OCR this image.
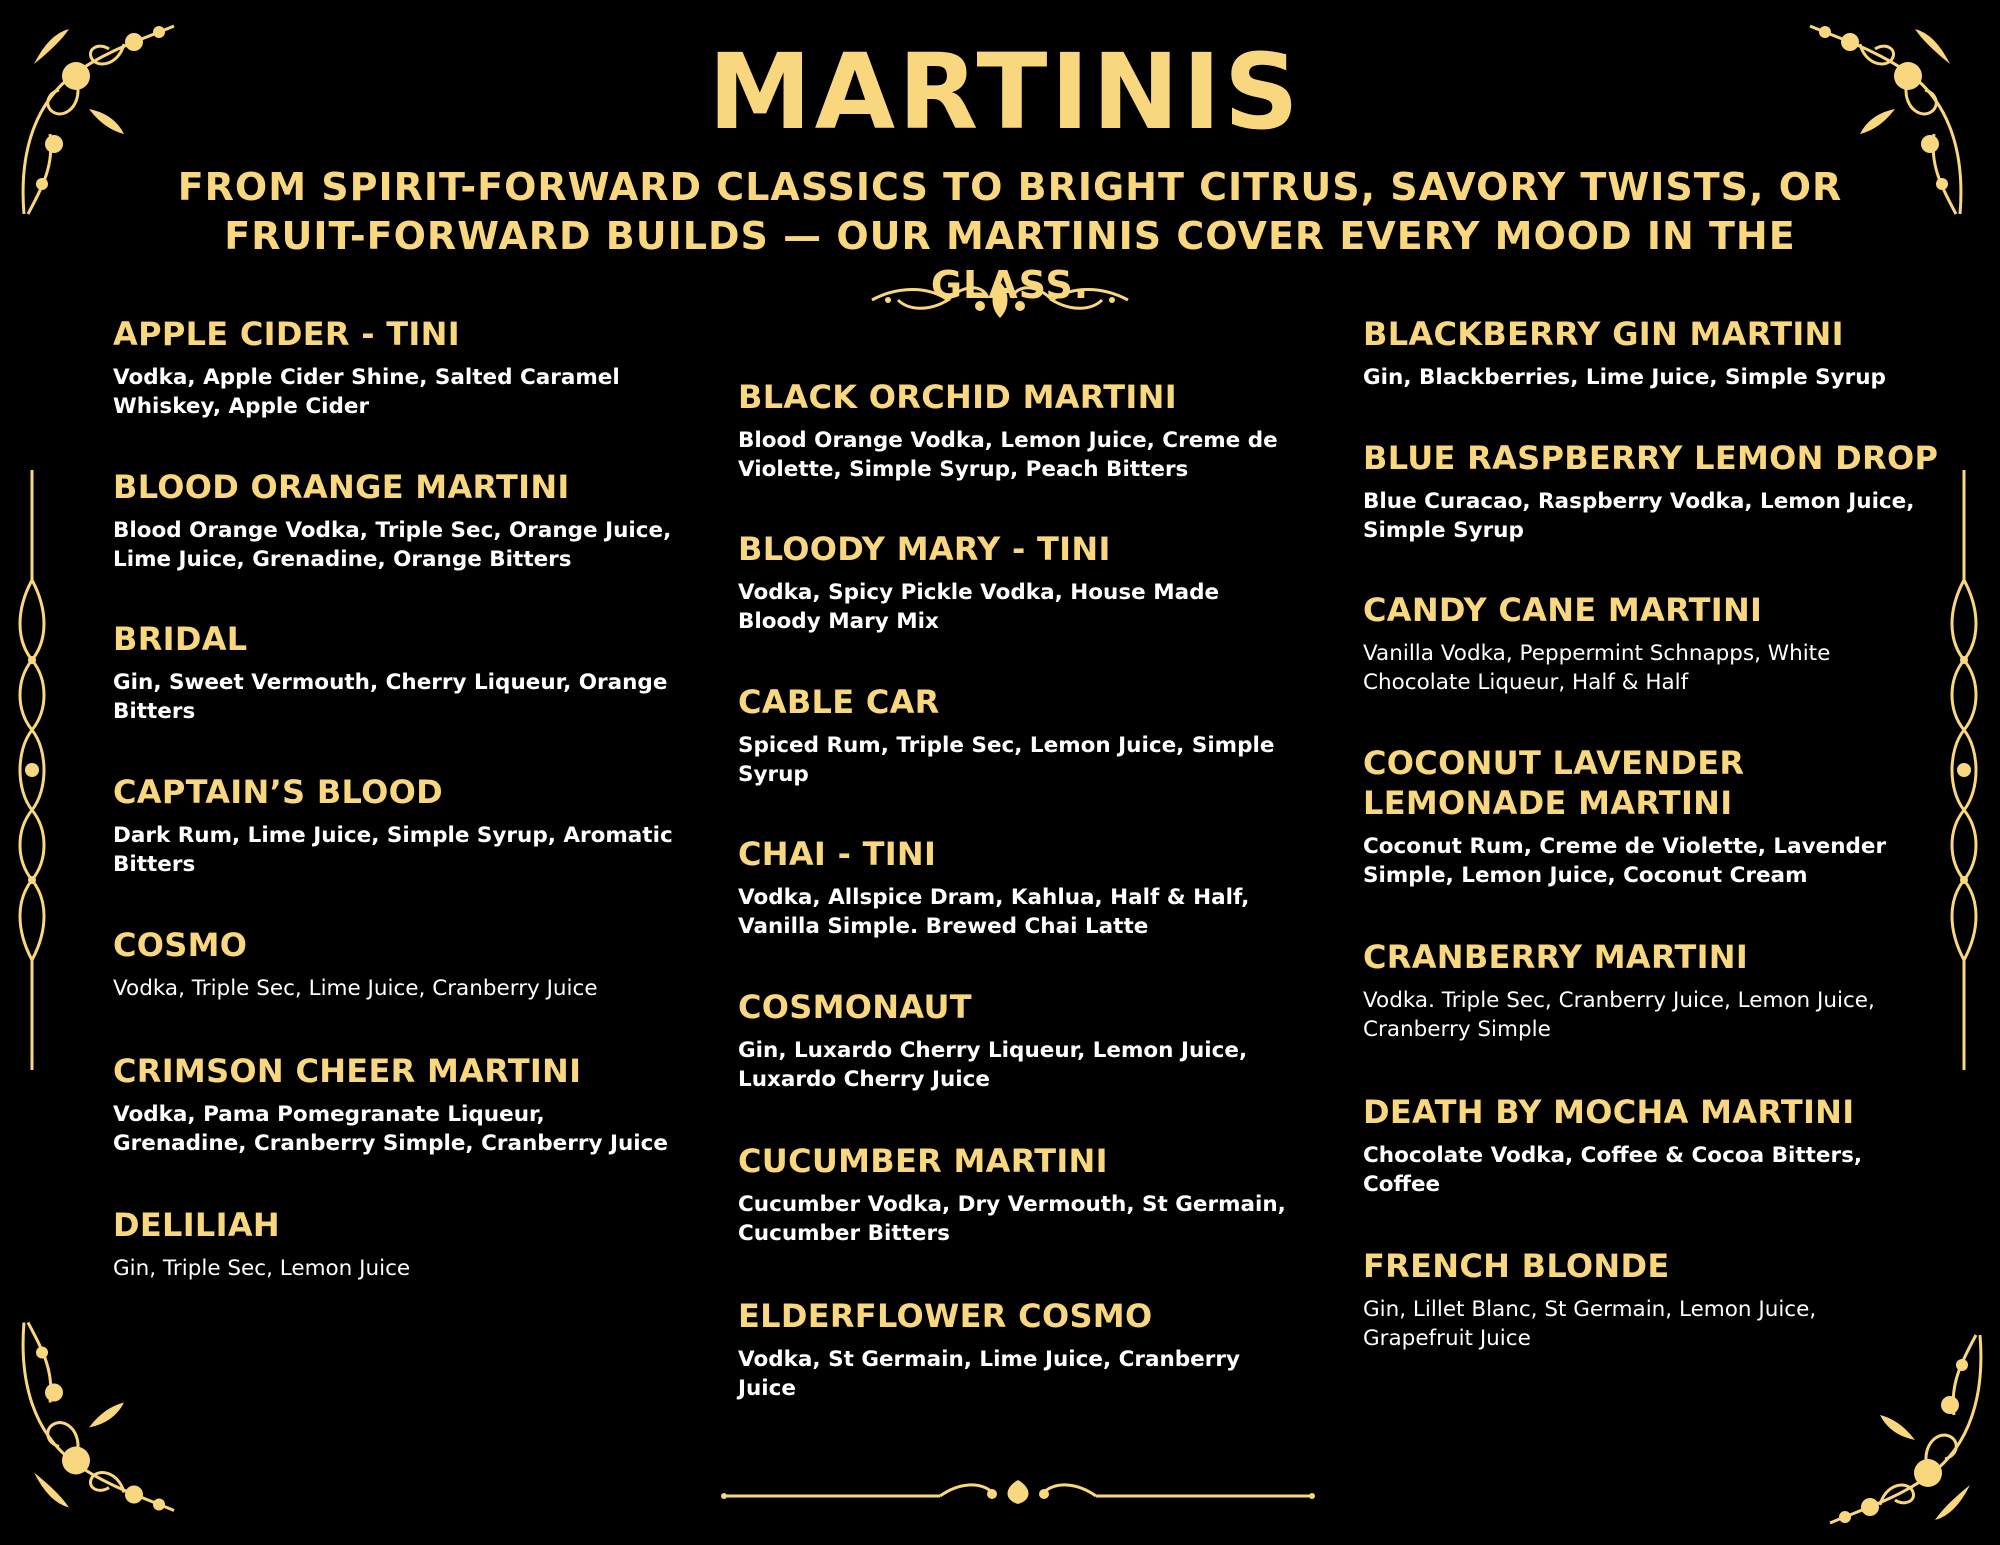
MARTINIS
FROM SPIRIT-FORWARD CLASSICS TO BRIGHT CITRUS, SAVORY TWISTS, OR FRUIT-FORWARD BUILDS — OUR MARTINIS COVER EVERY MOOD IN THE GLASS.
APPLE CIDER - TINI
Vodka, Apple Cider Shine, Salted Caramel Whiskey, Apple Cider
BLOOD ORANGE MARTINI
Blood Orange Vodka, Triple Sec, Orange Juice, Lime Juice, Grenadine, Orange Bitters
BRIDAL
Gin, Sweet Vermouth, Cherry Liqueur, Orange Bitters
CAPTAIN’S BLOOD
Dark Rum, Lime Juice, Simple Syrup, Aromatic Bitters
COSMO
Vodka, Triple Sec, Lime Juice, Cranberry Juice
CRIMSON CHEER MARTINI
Vodka, Pama Pomegranate Liqueur, Grenadine, Cranberry Simple, Cranberry Juice
DELILIAH
Gin, Triple Sec, Lemon Juice
BLACK ORCHID MARTINI
Blood Orange Vodka, Lemon Juice, Creme de Violette, Simple Syrup, Peach Bitters
BLOODY MARY - TINI
Vodka, Spicy Pickle Vodka, House Made Bloody Mary Mix
CABLE CAR
Spiced Rum, Triple Sec, Lemon Juice, Simple Syrup
CHAI - TINI
Vodka, Allspice Dram, Kahlua, Half & Half, Vanilla Simple. Brewed Chai Latte
COSMONAUT
Gin, Luxardo Cherry Liqueur, Lemon Juice, Luxardo Cherry Juice
CUCUMBER MARTINI
Cucumber Vodka, Dry Vermouth, St Germain, Cucumber Bitters
ELDERFLOWER COSMO
Vodka, St Germain, Lime Juice, Cranberry Juice
BLACKBERRY GIN MARTINI
Gin, Blackberries, Lime Juice, Simple Syrup
BLUE RASPBERRY LEMON DROP
Blue Curacao, Raspberry Vodka, Lemon Juice, Simple Syrup
CANDY CANE MARTINI
Vanilla Vodka, Peppermint Schnapps, White Chocolate Liqueur, Half & Half
COCONUT LAVENDER LEMONADE MARTINI
Coconut Rum, Creme de Violette, Lavender Simple, Lemon Juice, Coconut Cream
CRANBERRY MARTINI
Vodka. Triple Sec, Cranberry Juice, Lemon Juice, Cranberry Simple
DEATH BY MOCHA MARTINI
Chocolate Vodka, Coffee & Cocoa Bitters, Coffee
FRENCH BLONDE
Gin, Lillet Blanc, St Germain, Lemon Juice, Grapefruit Juice
